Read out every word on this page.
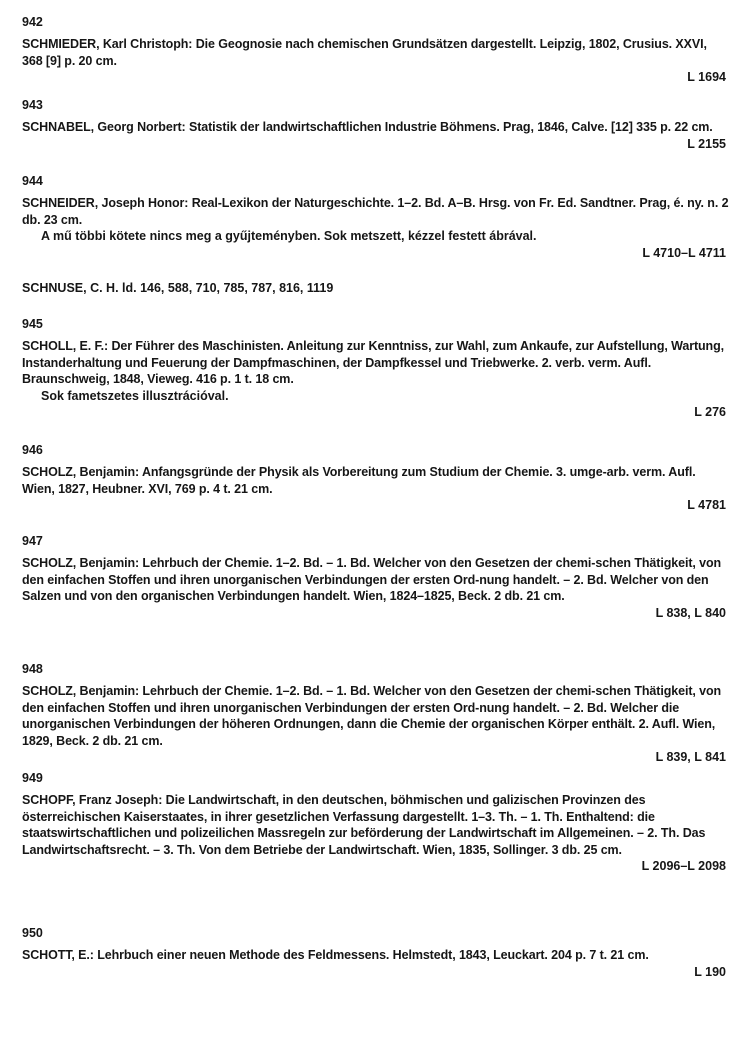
942

SCHMIEDER, Karl Christoph: Die Geognosie nach chemischen Grundsätzen dargestellt. Leipzig, 1802, Crusius. XXVI, 368 [9] p. 20 cm.

L 1694

943

SCHNABEL, Georg Norbert: Statistik der landwirtschaftlichen Industrie Böhmens. Prag, 1846, Calve. [12] 335 p. 22 cm.

L 2155

944

SCHNEIDER, Joseph Honor: Real-Lexikon der Naturgeschichte. 1–2. Bd. A–B. Hrsg. von Fr. Ed. Sandtner. Prag, é. ny. n. 2 db. 23 cm.

A mű többi kötete nincs meg a gyűjteményben. Sok metszett, kézzel festett ábrával.

L 4710–L 4711

SCHNUSE, C. H. ld. 146, 588, 710, 785, 787, 816, 1119

945

SCHOLL, E. F.: Der Führer des Maschinisten. Anleitung zur Kenntniss, zur Wahl, zum Ankaufe, zur Aufstellung, Wartung, Instanderhaltung und Feuerung der Dampfmaschinen, der Dampfkessel und Triebwerke. 2. verb. verm. Aufl. Braunschweig, 1848, Vieweg. 416 p. 1 t. 18 cm.

Sok fametszetes illusztrációval.

L 276

946

SCHOLZ, Benjamin: Anfangsgründe der Physik als Vorbereitung zum Studium der Chemie. 3. umge-arb. verm. Aufl. Wien, 1827, Heubner. XVI, 769 p. 4 t. 21 cm.

L 4781

947

SCHOLZ, Benjamin: Lehrbuch der Chemie. 1–2. Bd. – 1. Bd. Welcher von den Gesetzen der chemi-schen Thätigkeit, von den einfachen Stoffen und ihren unorganischen Verbindungen der ersten Ord-nung handelt. – 2. Bd. Welcher von den Salzen und von den organischen Verbindungen handelt. Wien, 1824–1825, Beck. 2 db. 21 cm.

L 838, L 840

948

SCHOLZ, Benjamin: Lehrbuch der Chemie. 1–2. Bd. – 1. Bd. Welcher von den Gesetzen der chemi-schen Thätigkeit, von den einfachen Stoffen und ihren unorganischen Verbindungen der ersten Ord-nung handelt. – 2. Bd. Welcher die unorganischen Verbindungen der höheren Ordnungen, dann die Chemie der organischen Körper enthält. 2. Aufl. Wien, 1829, Beck. 2 db. 21 cm.

L 839, L 841

949

SCHOPF, Franz Joseph: Die Landwirtschaft, in den deutschen, böhmischen und galizischen Provinzen des österreichischen Kaiserstaates, in ihrer gesetzlichen Verfassung dargestellt. 1–3. Th. – 1. Th. Enthaltend: die staatswirtschaftlichen und polizeilichen Massregeln zur beförderung der Landwirtschaft im Allgemeinen. – 2. Th. Das Landwirtschaftsrecht. – 3. Th. Von dem Betriebe der Landwirtschaft. Wien, 1835, Sollinger. 3 db. 25 cm.

L 2096–L 2098

950

SCHOTT, E.: Lehrbuch einer neuen Methode des Feldmessens. Helmstedt, 1843, Leuckart. 204 p. 7 t. 21 cm.

L 190
